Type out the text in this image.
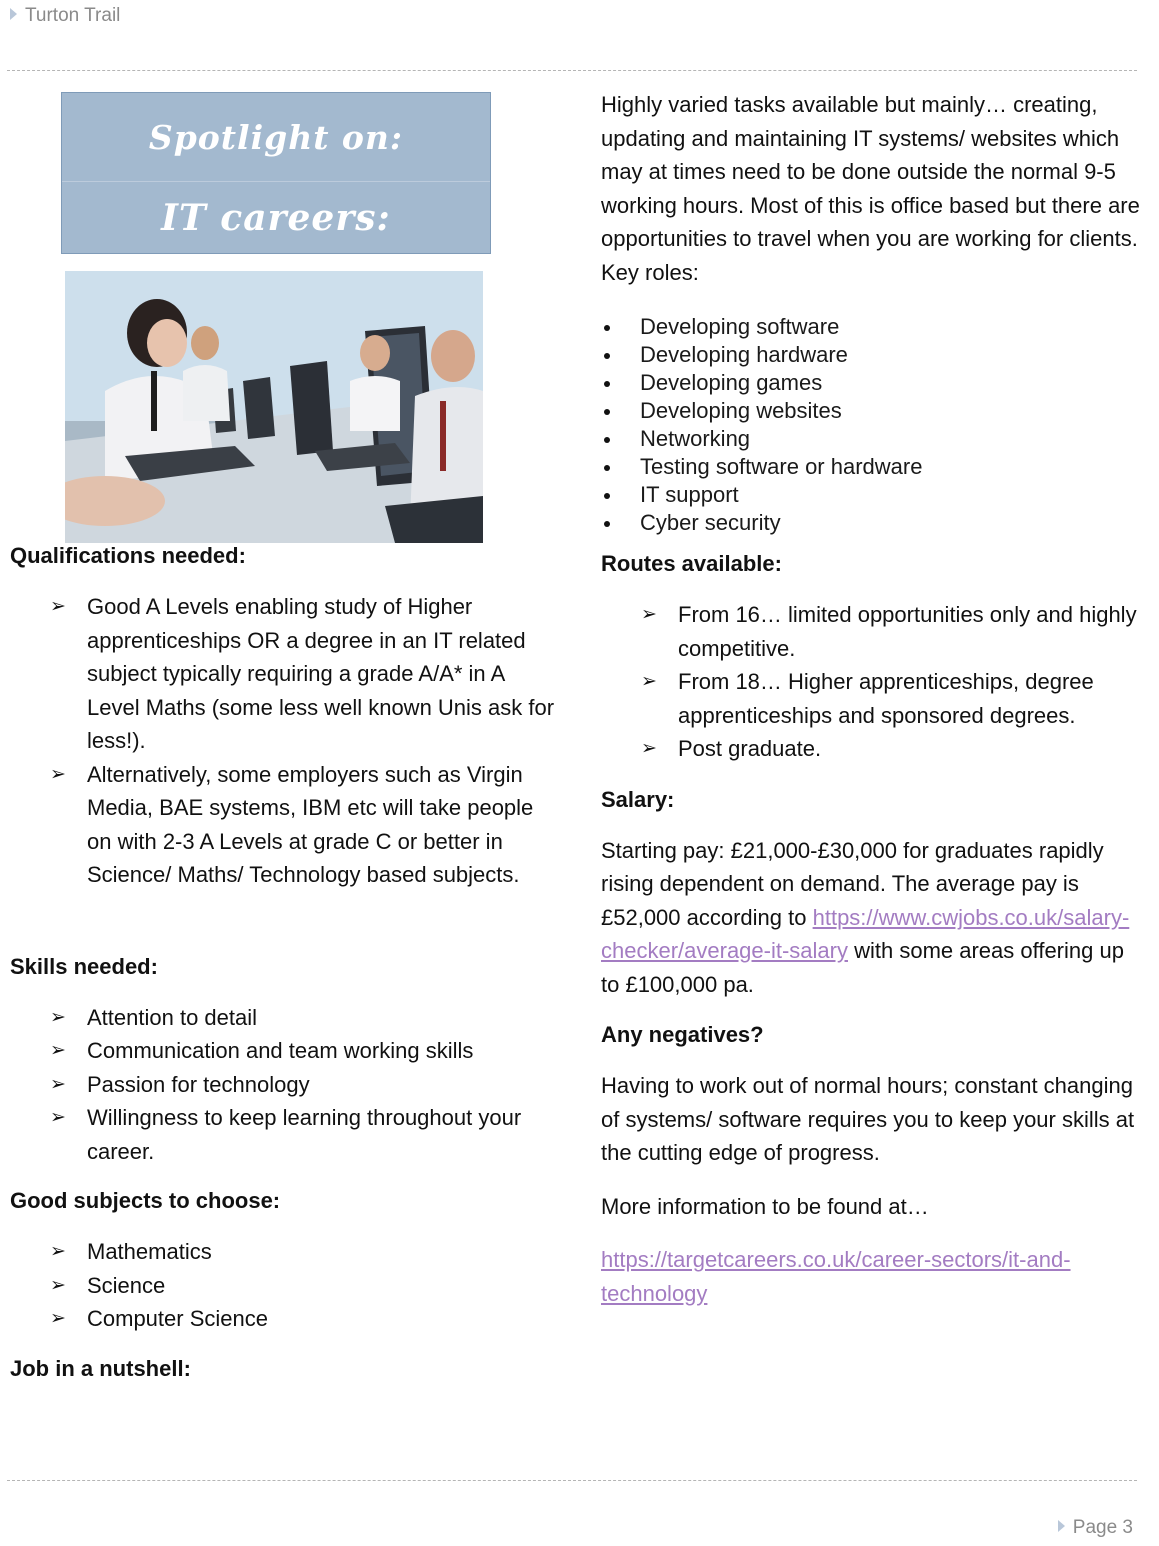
Turton Trail
Spotlight on:
IT careers:
Qualifications needed:
➢ Good A Levels enabling study of Higher apprenticeships OR a degree in an IT related subject typically requiring a grade A/A* in A Level Maths (some less well known Unis ask for less!).
➢ Alternatively, some employers such as Virgin Media, BAE systems, IBM etc will take people on with 2-3 A Levels at grade C or better in Science/ Maths/ Technology based subjects.
Skills needed:
➢ Attention to detail
➢ Communication and team working skills
➢ Passion for technology
➢ Willingness to keep learning throughout your career.
Good subjects to choose:
➢ Mathematics
➢ Science
➢ Computer Science
Job in a nutshell:
Highly varied tasks available but mainly… creating, updating and maintaining IT systems/ websites which may at times need to be done outside the normal 9-5 working hours. Most of this is office based but there are opportunities to travel when you are working for clients. Key roles:
Developing software
Developing hardware
Developing games
Developing websites
Networking
Testing software or hardware
IT support
Cyber security
Routes available:
➢ From 16… limited opportunities only and highly competitive.
➢ From 18… Higher apprenticeships, degree apprenticeships and sponsored degrees.
➢ Post graduate.
Salary:
Starting pay: £21,000-£30,000 for graduates rapidly rising dependent on demand. The average pay is £52,000 according to https://www.cwjobs.co.uk/salary-checker/average-it-salary with some areas offering up to £100,000 pa.
Any negatives?
Having to work out of normal hours; constant changing of systems/ software requires you to keep your skills at the cutting edge of progress.
More information to be found at…
https://targetcareers.co.uk/career-sectors/it-and-technology
Page 3
